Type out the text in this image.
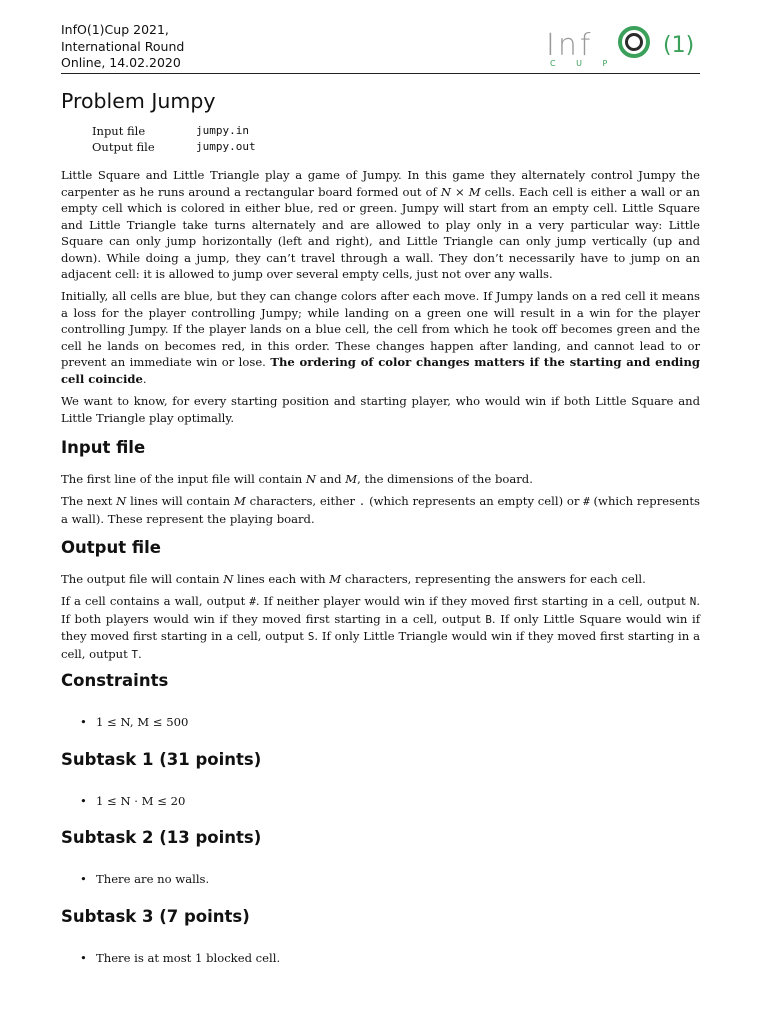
InfO(1)Cup 2021,
International Round
Online, 14.02.2020	Inf	(1)
C U P
Problem Jumpy
Input file	jumpy.in
Output file	jumpy.out

Little Square and Little Triangle play a game of Jumpy. In this game they alternately control Jumpy the carpenter as he runs around a rectangular board formed out of N × M cells. Each cell is either a wall or an empty cell which is colored in either blue, red or green. Jumpy will start from an empty cell. Little Square and Little Triangle take turns alternately and are allowed to play only in a very particular way: Little Square can only jump horizontally (left and right), and Little Triangle can only jump vertically (up and down). While doing a jump, they can’t travel through a wall. They don’t necessarily have to jump on an adjacent cell: it is allowed to jump over several empty cells, just not over any walls.

Initially, all cells are blue, but they can change colors after each move. If Jumpy lands on a red cell it means a loss for the player controlling Jumpy; while landing on a green one will result in a win for the player controlling Jumpy. If the player lands on a blue cell, the cell from which he took off becomes green and the cell he lands on becomes red, in this order. These changes happen after landing, and cannot lead to or prevent an immediate win or lose. The ordering of color changes matters if the starting and ending cell coincide.

We want to know, for every starting position and starting player, who would win if both Little Square and Little Triangle play optimally.

Input file

The first line of the input file will contain N and M, the dimensions of the board.

The next N lines will contain M characters, either . (which represents an empty cell) or # (which represents a wall). These represent the playing board.

Output file

The output file will contain N lines each with M characters, representing the answers for each cell.

If a cell contains a wall, output #. If neither player would win if they moved first starting in a cell, output N. If both players would win if they moved first starting in a cell, output B. If only Little Square would win if they moved first starting in a cell, output S. If only Little Triangle would win if they moved first starting in a cell, output T.

Constraints
• 1 ≤ N, M ≤ 500
Subtask 1 (31 points)
• 1 ≤ N · M ≤ 20
Subtask 2 (13 points)
• There are no walls.
Subtask 3 (7 points)
• There is at most 1 blocked cell.
